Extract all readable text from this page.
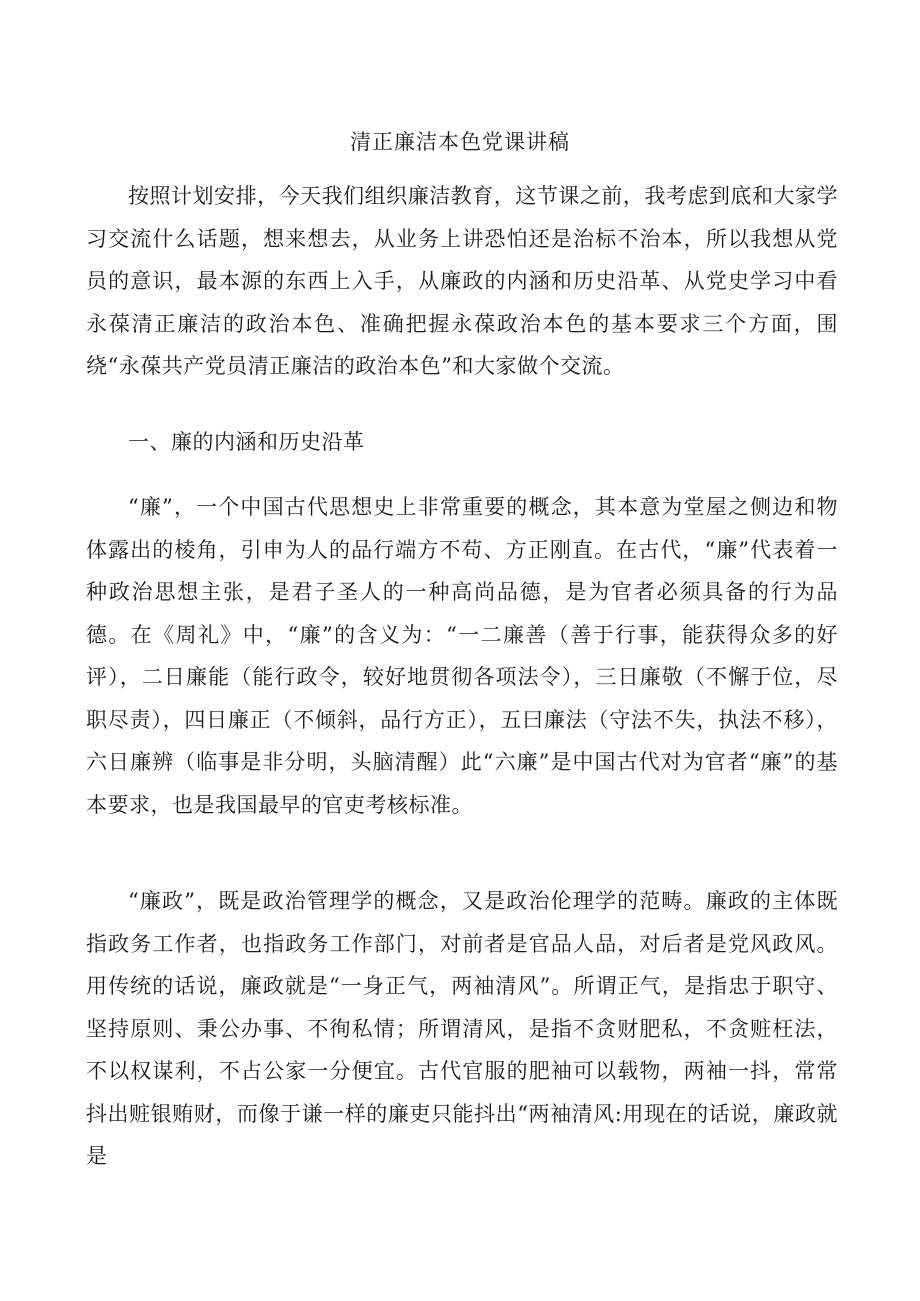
清正廉洁本色党课讲稿

按照计划安排，今天我们组织廉洁教育，这节课之前，我考虑到底和大家学习交流什么话题，想来想去，从业务上讲恐怕还是治标不治本，所以我想从党员的意识，最本源的东西上入手，从廉政的内涵和历史沿革、从党史学习中看永葆清正廉洁的政治本色、准确把握永葆政治本色的基本要求三个方面，围绕“永葆共产党员清正廉洁的政治本色”和大家做个交流。

一、廉的内涵和历史沿革

“廉”，一个中国古代思想史上非常重要的概念，其本意为堂屋之侧边和物体露出的棱角，引申为人的品行端方不苟、方正刚直。在古代，“廉”代表着一种政治思想主张，是君子圣人的一种高尚品德，是为官者必须具备的行为品德。在《周礼》中，“廉”的含义为：“一二廉善（善于行事，能获得众多的好评），二日廉能（能行政令，较好地贯彻各项法令），三日廉敬（不懈于位，尽职尽责），四日廉正（不倾斜，品行方正），五曰廉法（守法不失，执法不移），六日廉辨（临事是非分明，头脑清醒）此“六廉”是中国古代对为官者“廉”的基本要求，也是我国最早的官吏考核标准。

“廉政”，既是政治管理学的概念，又是政治伦理学的范畴。廉政的主体既指政务工作者，也指政务工作部门，对前者是官品人品，对后者是党风政风。用传统的话说，廉政就是“一身正气，两袖清风”。所谓正气，是指忠于职守、坚持原则、秉公办事、不徇私情；所谓清风，是指不贪财肥私，不贪赃枉法，不以权谋利，不占公家一分便宜。古代官服的肥袖可以载物，两袖一抖，常常抖出赃银贿财，而像于谦一样的廉吏只能抖出“两袖清风:用现在的话说，廉政就是
